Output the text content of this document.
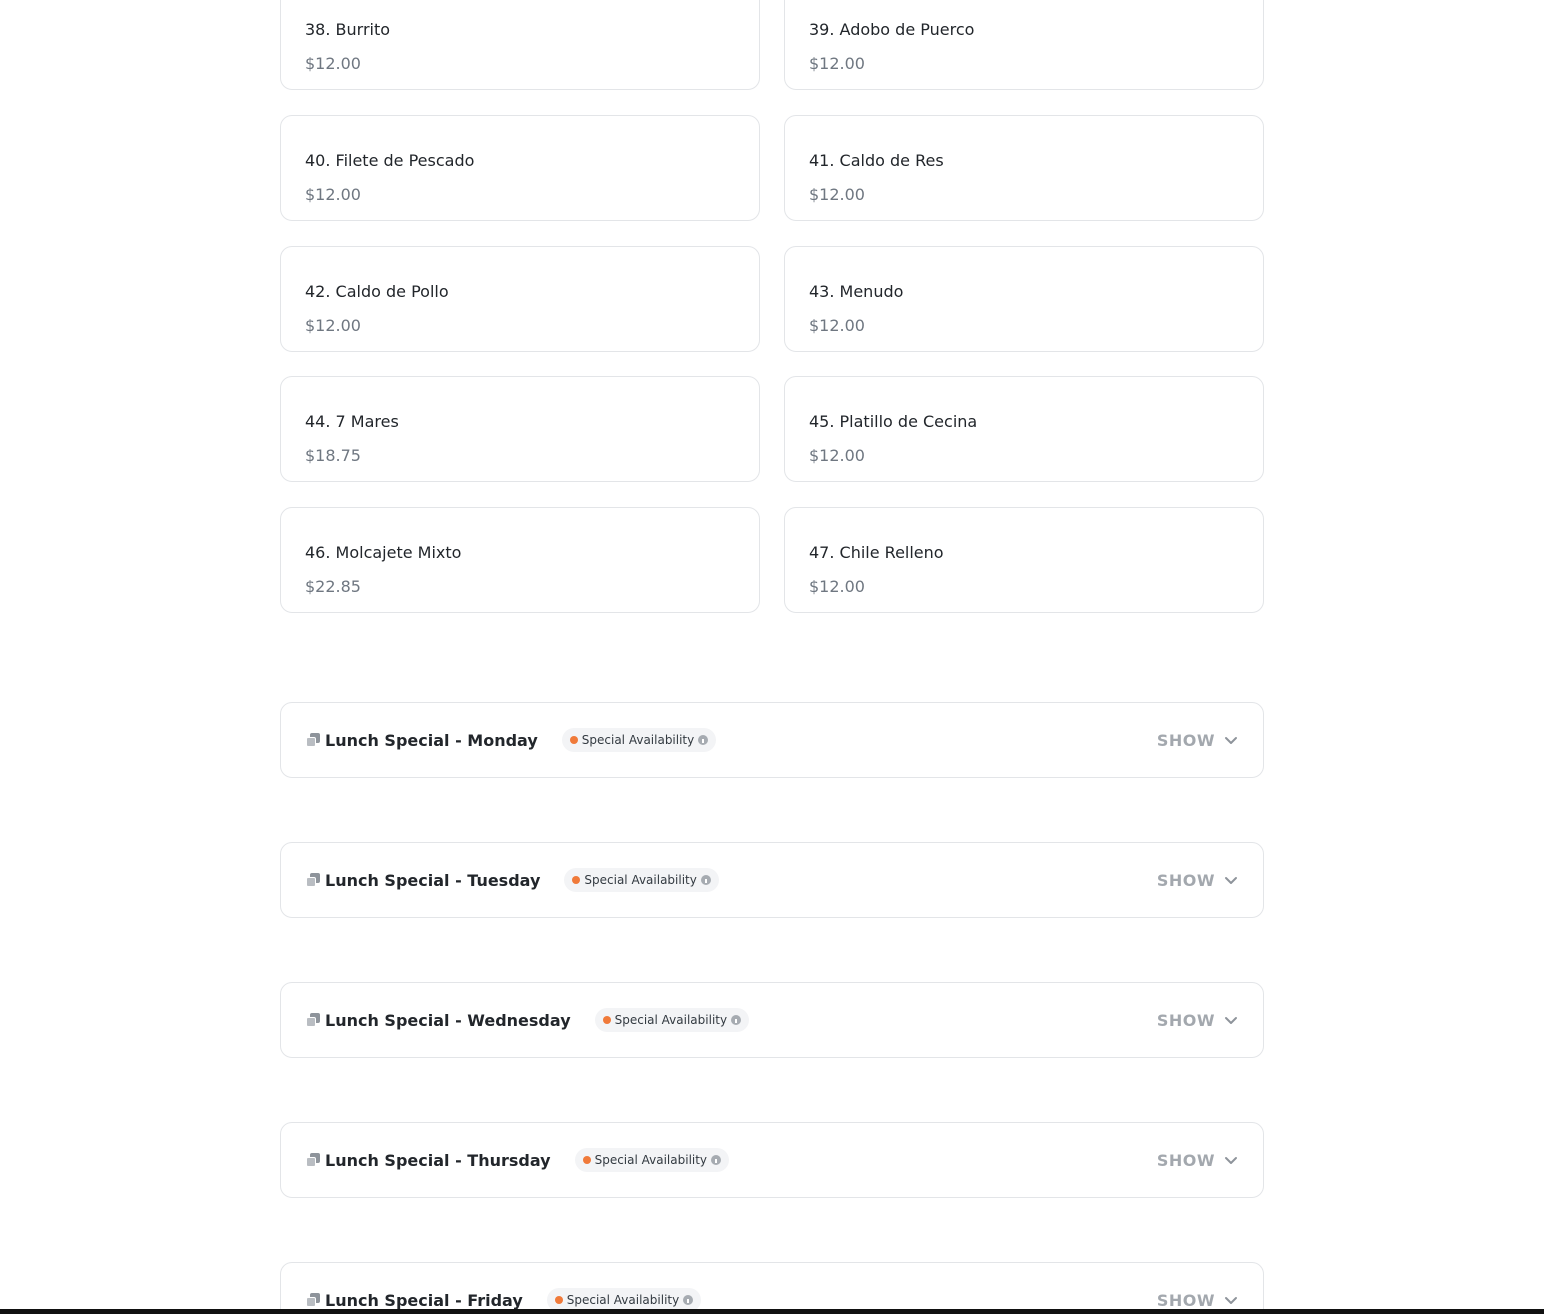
38. Burrito
$12.00
39. Adobo de Puerco
$12.00
40. Filete de Pescado
$12.00
41. Caldo de Res
$12.00
42. Caldo de Pollo
$12.00
43. Menudo
$12.00
44. 7 Mares
$18.75
45. Platillo de Cecina
$12.00
46. Molcajete Mixto
$22.85
47. Chile Relleno
$12.00
Lunch Special - Monday	Special Availability	SHOW
Lunch Special - Tuesday	Special Availability	SHOW
Lunch Special - Wednesday	Special Availability	SHOW
Lunch Special - Thursday	Special Availability	SHOW
Lunch Special - Friday	Special Availability	SHOW
